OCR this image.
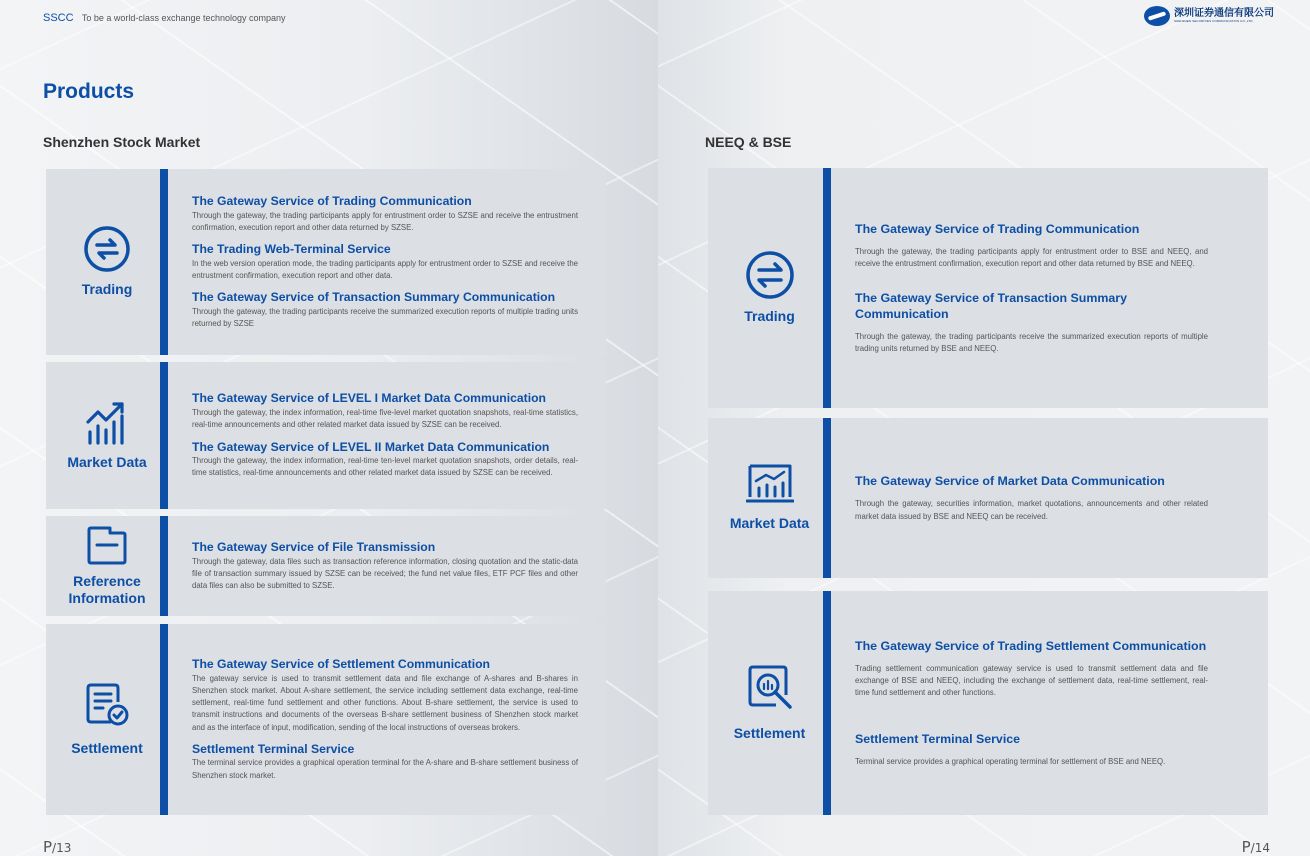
SSCC To be a world-class exchange technology company
Products
Shenzhen Stock Market
Trading
The Gateway Service of Trading Communication
Through the gateway, the trading participants apply for entrustment order to SZSE and receive the entrustment confirmation, execution report and other data returned by SZSE.
The Trading Web-Terminal Service
In the web version operation mode, the trading participants apply for entrustment order to SZSE and receive the entrustment confirmation, execution report and other data.
The Gateway Service of Transaction Summary Communication
Through the gateway, the trading participants receive the summarized execution reports of multiple trading units returned by SZSE
Market Data
The Gateway Service of LEVEL I Market Data Communication
Through the gateway, the index information, real-time five-level market quotation snapshots, real-time statistics, real-time announcements and other related market data issued by SZSE can be received.
The Gateway Service of LEVEL II Market Data Communication
Through the gateway, the index information, real-time ten-level market quotation snapshots, order details, real-time statistics, real-time announcements and other related market data issued by SZSE can be received.
Reference
Information
The Gateway Service of File Transmission
Through the gateway, data files such as transaction reference information, closing quotation and the static-data file of transaction summary issued by SZSE can be received; the fund net value files, ETF PCF files and other data files can also be submitted to SZSE.
Settlement
The Gateway Service of Settlement Communication
The gateway service is used to transmit settlement data and file exchange of A-shares and B-shares in Shenzhen stock market. About A-share settlement, the service including settlement data exchange, real-time settlement, real-time fund settlement and other functions. About B-share settlement, the service is used to transmit instructions and documents of the overseas B-share settlement business of Shenzhen stock market and as the interface of input, modification, sending of the local instructions of overseas brokers.
Settlement Terminal Service
The terminal service provides a graphical operation terminal for the A-share and B-share settlement business of Shenzhen stock market.
P/13
深圳证券通信有限公司
SHENZHEN SECURITIES COMMUNICATION CO.,LTD.
NEEQ & BSE
Trading
The Gateway Service of Trading Communication
Through the gateway, the trading participants apply for entrustment order to BSE and NEEQ, and receive the entrustment confirmation, execution report and other data returned by BSE and NEEQ.
The Gateway Service of Transaction Summary Communication
Through the gateway, the trading participants receive the summarized execution reports of multiple trading units returned by BSE and NEEQ.
Market Data
The Gateway Service of Market Data Communication
Through the gateway, securities information, market quotations, announcements and other related market data issued by BSE and NEEQ can be received.
Settlement
The Gateway Service of Trading Settlement Communication
Trading settlement communication gateway service is used to transmit settlement data and file exchange of BSE and NEEQ, including the exchange of settlement data, real-time settlement, real-time fund settlement and other functions.
Settlement Terminal Service
Terminal service provides a graphical operating terminal for settlement of BSE and NEEQ.
P/14
